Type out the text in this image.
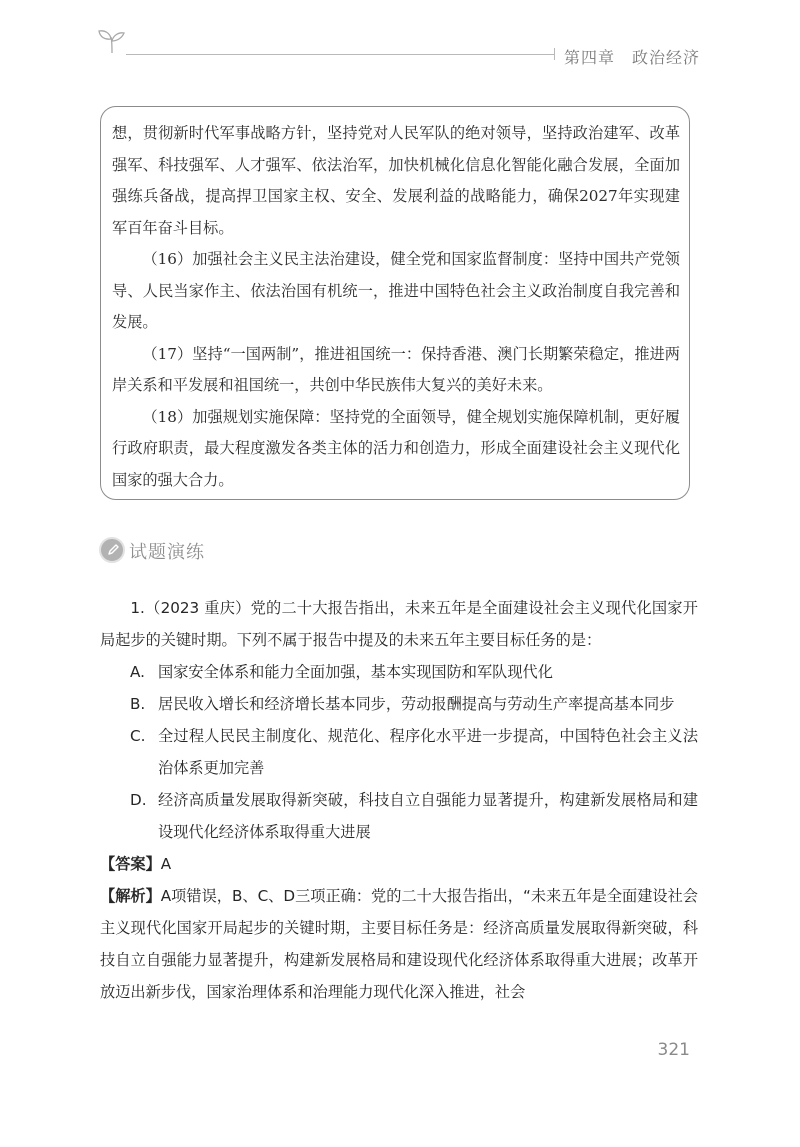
第四章　政治经济

想，贯彻新时代军事战略方针，坚持党对人民军队的绝对领导，坚持政治建军、改革强军、科技强军、人才强军、依法治军，加快机械化信息化智能化融合发展，全面加强练兵备战，提高捍卫国家主权、安全、发展利益的战略能力，确保2027年实现建军百年奋斗目标。

（16）加强社会主义民主法治建设，健全党和国家监督制度：坚持中国共产党领导、人民当家作主、依法治国有机统一，推进中国特色社会主义政治制度自我完善和发展。

（17）坚持“一国两制”，推进祖国统一：保持香港、澳门长期繁荣稳定，推进两岸关系和平发展和祖国统一，共创中华民族伟大复兴的美好未来。

（18）加强规划实施保障：坚持党的全面领导，健全规划实施保障机制，更好履行政府职责，最大程度激发各类主体的活力和创造力，形成全面建设社会主义现代化国家的强大合力。

试题演练

1.（2023 重庆）党的二十大报告指出，未来五年是全面建设社会主义现代化国家开局起步的关键时期。下列不属于报告中提及的未来五年主要目标任务的是：

A. 国家安全体系和能力全面加强，基本实现国防和军队现代化
B. 居民收入增长和经济增长基本同步，劳动报酬提高与劳动生产率提高基本同步
C. 全过程人民民主制度化、规范化、程序化水平进一步提高，中国特色社会主义法治体系更加完善
D. 经济高质量发展取得新突破，科技自立自强能力显著提升，构建新发展格局和建设现代化经济体系取得重大进展

【答案】A

【解析】A项错误，B、C、D三项正确：党的二十大报告指出，“未来五年是全面建设社会主义现代化国家开局起步的关键时期，主要目标任务是：经济高质量发展取得新突破，科技自立自强能力显著提升，构建新发展格局和建设现代化经济体系取得重大进展；改革开放迈出新步伐，国家治理体系和治理能力现代化深入推进，社会

321
